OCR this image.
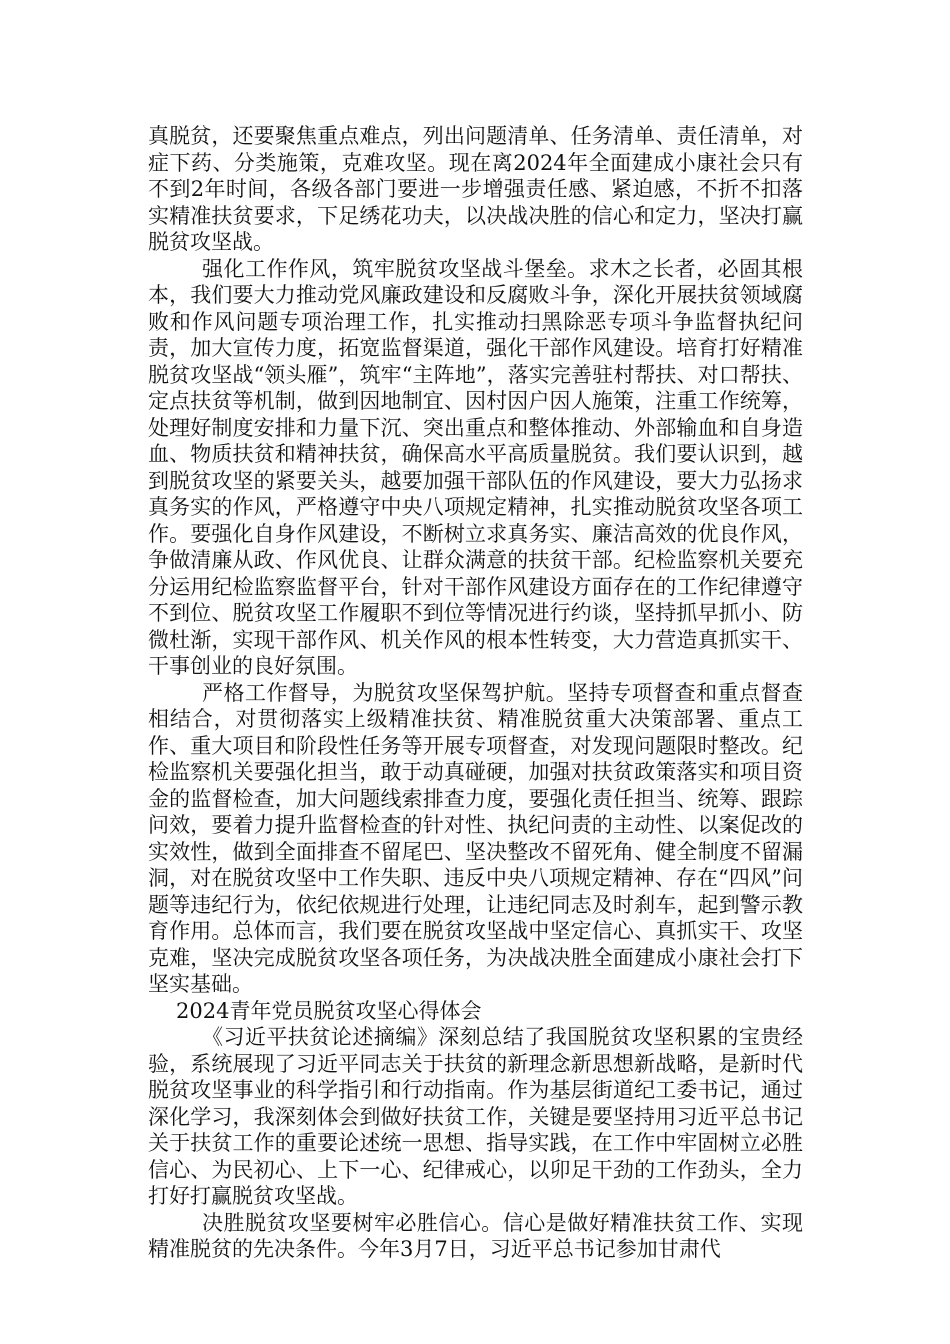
真脱贫，还要聚焦重点难点，列出问题清单、任务清单、责任清单，对症下药、分类施策，克难攻坚。现在离2024年全面建成小康社会只有不到2年时间，各级各部门要进一步增强责任感、紧迫感，不折不扣落实精准扶贫要求，下足绣花功夫，以决战决胜的信心和定力，坚决打赢脱贫攻坚战。

强化工作作风，筑牢脱贫攻坚战斗堡垒。求木之长者，必固其根本，我们要大力推动党风廉政建设和反腐败斗争，深化开展扶贫领域腐败和作风问题专项治理工作，扎实推动扫黑除恶专项斗争监督执纪问责，加大宣传力度，拓宽监督渠道，强化干部作风建设。培育打好精准脱贫攻坚战“领头雁”，筑牢“主阵地”，落实完善驻村帮扶、对口帮扶、定点扶贫等机制，做到因地制宜、因村因户因人施策，注重工作统筹，处理好制度安排和力量下沉、突出重点和整体推动、外部输血和自身造血、物质扶贫和精神扶贫，确保高水平高质量脱贫。我们要认识到，越到脱贫攻坚的紧要关头，越要加强干部队伍的作风建设，要大力弘扬求真务实的作风，严格遵守中央八项规定精神，扎实推动脱贫攻坚各项工作。要强化自身作风建设，不断树立求真务实、廉洁高效的优良作风，争做清廉从政、作风优良、让群众满意的扶贫干部。纪检监察机关要充分运用纪检监察监督平台，针对干部作风建设方面存在的工作纪律遵守不到位、脱贫攻坚工作履职不到位等情况进行约谈，坚持抓早抓小、防微杜渐，实现干部作风、机关作风的根本性转变，大力营造真抓实干、干事创业的良好氛围。

严格工作督导，为脱贫攻坚保驾护航。坚持专项督查和重点督查相结合，对贯彻落实上级精准扶贫、精准脱贫重大决策部署、重点工作、重大项目和阶段性任务等开展专项督查，对发现问题限时整改。纪检监察机关要强化担当，敢于动真碰硬，加强对扶贫政策落实和项目资金的监督检查，加大问题线索排查力度，要强化责任担当、统筹、跟踪问效，要着力提升监督检查的针对性、执纪问责的主动性、以案促改的实效性，做到全面排查不留尾巴、坚决整改不留死角、健全制度不留漏洞，对在脱贫攻坚中工作失职、违反中央八项规定精神、存在“四风”问题等违纪行为，依纪依规进行处理，让违纪同志及时刹车，起到警示教育作用。总体而言，我们要在脱贫攻坚战中坚定信心、真抓实干、攻坚克难，坚决完成脱贫攻坚各项任务，为决战决胜全面建成小康社会打下坚实基础。

2024青年党员脱贫攻坚心得体会

《习近平扶贫论述摘编》深刻总结了我国脱贫攻坚积累的宝贵经验，系统展现了习近平同志关于扶贫的新理念新思想新战略，是新时代脱贫攻坚事业的科学指引和行动指南。作为基层街道纪工委书记，通过深化学习，我深刻体会到做好扶贫工作，关键是要坚持用习近平总书记关于扶贫工作的重要论述统一思想、指导实践，在工作中牢固树立必胜信心、为民初心、上下一心、纪律戒心，以卯足干劲的工作劲头，全力打好打赢脱贫攻坚战。

决胜脱贫攻坚要树牢必胜信心。信心是做好精准扶贫工作、实现精准脱贫的先决条件。今年3月7日，习近平总书记参加甘肃代
